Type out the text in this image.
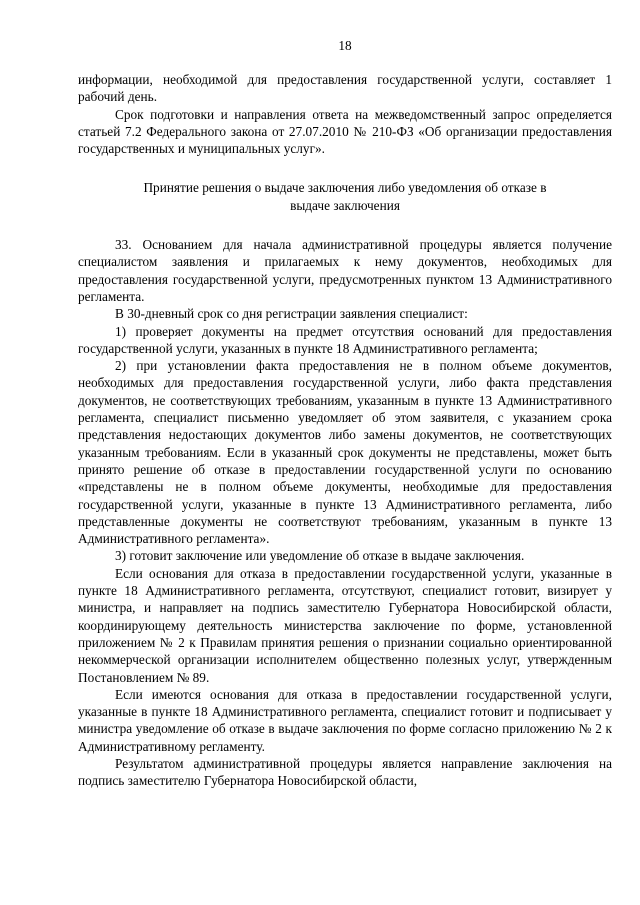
18

информации, необходимой для предоставления государственной услуги, составляет 1 рабочий день.

Срок подготовки и направления ответа на межведомственный запрос определяется статьей 7.2 Федерального закона от 27.07.2010 № 210-ФЗ «Об организации предоставления государственных и муниципальных услуг».

Принятие решения о выдаче заключения либо уведомления об отказе в выдаче заключения

33. Основанием для начала административной процедуры является получение специалистом заявления и прилагаемых к нему документов, необходимых для предоставления государственной услуги, предусмотренных пунктом 13 Административного регламента.

В 30-дневный срок со дня регистрации заявления специалист:

1) проверяет документы на предмет отсутствия оснований для предоставления государственной услуги, указанных в пункте 18 Административного регламента;

2) при установлении факта предоставления не в полном объеме документов, необходимых для предоставления государственной услуги, либо факта представления документов, не соответствующих требованиям, указанным в пункте 13 Административного регламента, специалист письменно уведомляет об этом заявителя, с указанием срока представления недостающих документов либо замены документов, не соответствующих указанным требованиям. Если в указанный срок документы не представлены, может быть принято решение об отказе в предоставлении государственной услуги по основанию «представлены не в полном объеме документы, необходимые для предоставления государственной услуги, указанные в пункте 13 Административного регламента, либо представленные документы не соответствуют требованиям, указанным в пункте 13 Административного регламента».

3) готовит заключение или уведомление об отказе в выдаче заключения.

Если основания для отказа в предоставлении государственной услуги, указанные в пункте 18 Административного регламента, отсутствуют, специалист готовит, визирует у министра, и направляет на подпись заместителю Губернатора Новосибирской области, координирующему деятельность министерства заключение по форме, установленной приложением № 2 к Правилам принятия решения о признании социально ориентированной некоммерческой организации исполнителем общественно полезных услуг, утвержденным Постановлением № 89.

Если имеются основания для отказа в предоставлении государственной услуги, указанные в пункте 18 Административного регламента, специалист готовит и подписывает у министра уведомление об отказе в выдаче заключения по форме согласно приложению № 2 к Административному регламенту.

Результатом административной процедуры является направление заключения на подпись заместителю Губернатора Новосибирской области,
